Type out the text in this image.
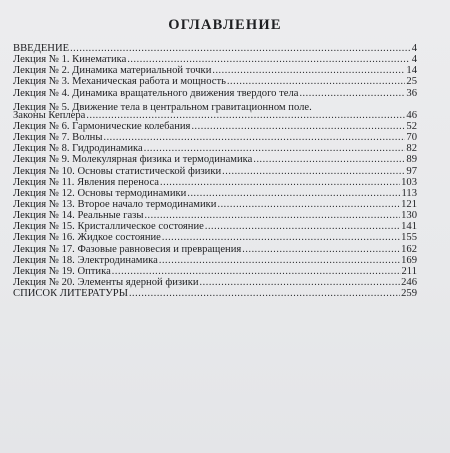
ОГЛАВЛЕНИЕ
ВВЕДЕНИЕ .....	4
Лекция № 1. Кинематика .....	4
Лекция № 2. Динамика материальной точки .....	14
Лекция № 3. Механическая работа и мощность .....	25
Лекция № 4. Динамика вращательного движения твердого тела .....	36
Лекция № 5. Движение тела в центральном гравитационном поле.
Законы Кеплера .....	46
Лекция № 6. Гармонические колебания .....	52
Лекция № 7. Волны .....	70
Лекция № 8. Гидродинамика .....	82
Лекция № 9. Молекулярная физика и термодинамика .....	89
Лекция № 10. Основы статистической физики .....	97
Лекция № 11. Явления переноса .....	103
Лекция № 12. Основы термодинамики .....	113
Лекция № 13. Второе начало термодинамики .....	121
Лекция № 14. Реальные газы .....	130
Лекция № 15. Кристаллическое состояние .....	141
Лекция № 16. Жидкое состояние .....	155
Лекция № 17. Фазовые равновесия и превращения .....	162
Лекция № 18. Электродинамика .....	169
Лекция № 19. Оптика .....	211
Лекция № 20. Элементы ядерной физики .....	246
СПИСОК ЛИТЕРАТУРЫ .....	259
